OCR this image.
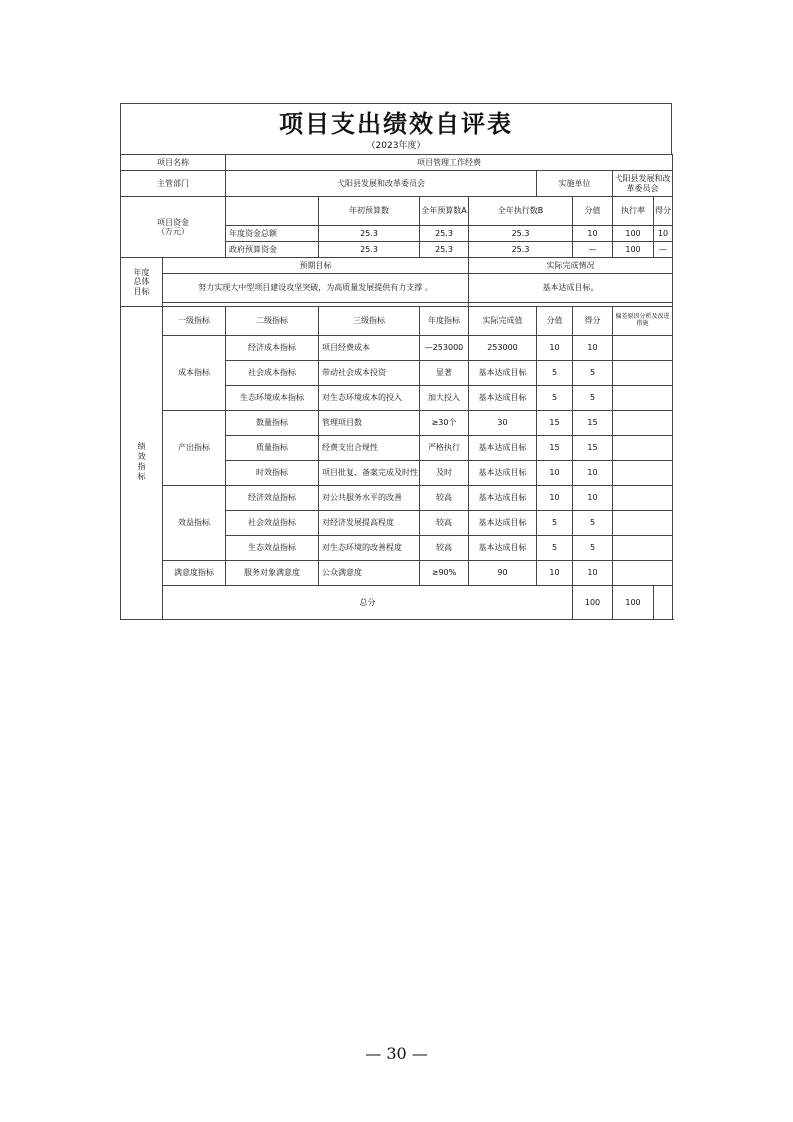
项目支出绩效自评表
（2023年度）
项目名称		项目管理工作经费							
主管部门		弋阳县发展和改革委员会				实施单位		弋阳县发展和改革委员会	

项目资金
（万元）			年初预算数	全年预算数A	全年执行数B		分值	执行率	得分
		年度资金总额	25.3	25.3	25.3		10	100	10
		政府预算资金	25.3	25.3	25.3		—	100	—

年度
总体
目标	预期目标				实际完成情况				
	努力实现大中型项目建设攻坚突破，为高质量发展提供有力支撑 。				基本达成目标。				

绩效指标	一级指标	二级指标	三级指标	年度指标	实际完成值	分值	得分	偏差原因分析及改进措施	
	成本指标	经济成本指标	项目经费成本	—253000	253000	10	10		
		社会成本指标	带动社会成本投资	显著	基本达成目标	5	5		
		生态环境成本指标	对生态环境成本的投入	加大投入	基本达成目标	5	5		
	产出指标	数量指标	管理项目数	≥30个	30	15	15		
		质量指标	经费支出合规性	严格执行	基本达成目标	15	15		
		时效指标	项目批复、备案完成及时性	及时	基本达成目标	10	10		
	效益指标	经济效益指标	对公共服务水平的改善	较高	基本达成目标	10	10		
		社会效益指标	对经济发展提高程度	较高	基本达成目标	5	5		
		生态效益指标	对生态环境的改善程度	较高	基本达成目标	5	5		
	满意度指标	服务对象满意度	公众满意度	≥90%	90	10	10		
	总分						100	100	
— 30 —
